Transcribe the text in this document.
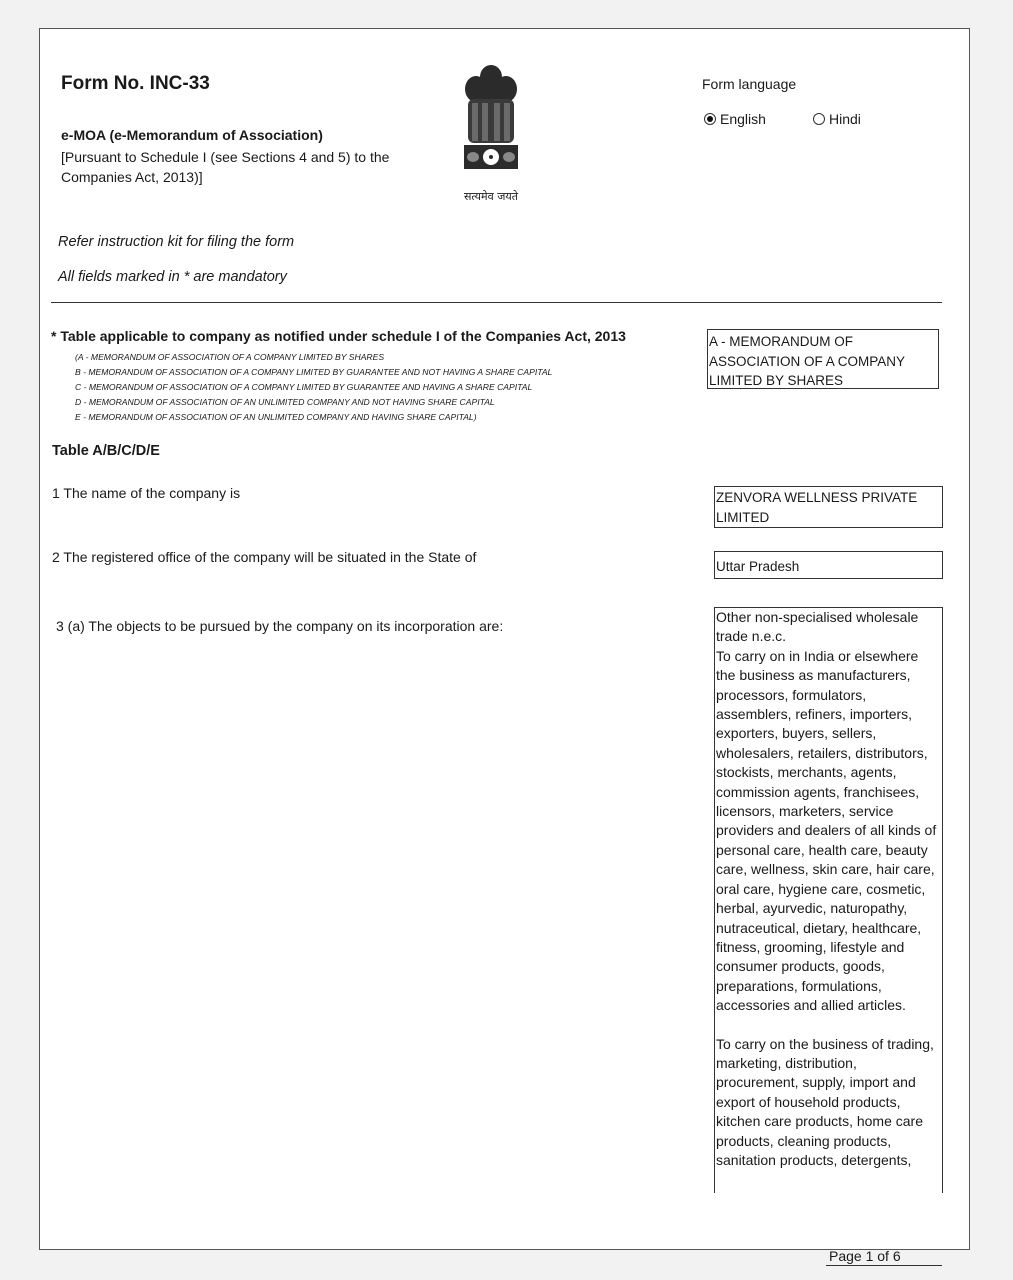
Form No. INC-33
e-MOA (e-Memorandum of Association)
[Pursuant to Schedule I (see Sections 4 and 5) to the Companies Act, 2013)]
सत्यमेव जयते
Form language
English	Hindi
Refer instruction kit for filing the form
All fields marked in * are mandatory
* Table applicable to company as notified under schedule I of the Companies Act, 2013
(A - MEMORANDUM OF ASSOCIATION OF A COMPANY LIMITED BY SHARES
B - MEMORANDUM OF ASSOCIATION OF A COMPANY LIMITED BY GUARANTEE AND NOT HAVING A SHARE CAPITAL
C - MEMORANDUM OF ASSOCIATION OF A COMPANY LIMITED BY GUARANTEE AND HAVING A SHARE CAPITAL
D - MEMORANDUM OF ASSOCIATION OF AN UNLIMITED COMPANY AND NOT HAVING SHARE CAPITAL
E - MEMORANDUM OF ASSOCIATION OF AN UNLIMITED COMPANY AND HAVING SHARE CAPITAL)
A - MEMORANDUM OF ASSOCIATION OF A COMPANY LIMITED BY SHARES
Table A/B/C/D/E
1 The name of the company is	ZENVORA WELLNESS PRIVATE LIMITED
2 The registered office of the company will be situated in the State of
Uttar Pradesh
3 (a) The objects to be pursued by the company on its incorporation are:

Other non-specialised wholesale trade n.e.c.
To carry on in India or elsewhere the business as manufacturers, processors, formulators, assemblers, refiners, importers, exporters, buyers, sellers, wholesalers, retailers, distributors, stockists, merchants, agents, commission agents, franchisees, licensors, marketers, service providers and dealers of all kinds of personal care, health care, beauty care, wellness, skin care, hair care, oral care, hygiene care, cosmetic, herbal, ayurvedic, naturopathy, nutraceutical, dietary, healthcare, fitness, grooming, lifestyle and consumer products, goods, preparations, formulations, accessories and allied articles.

To carry on the business of trading, marketing, distribution, procurement, supply, import and export of household products, kitchen care products, home care products, cleaning products, sanitation products, detergents,

Page 1 of 6
